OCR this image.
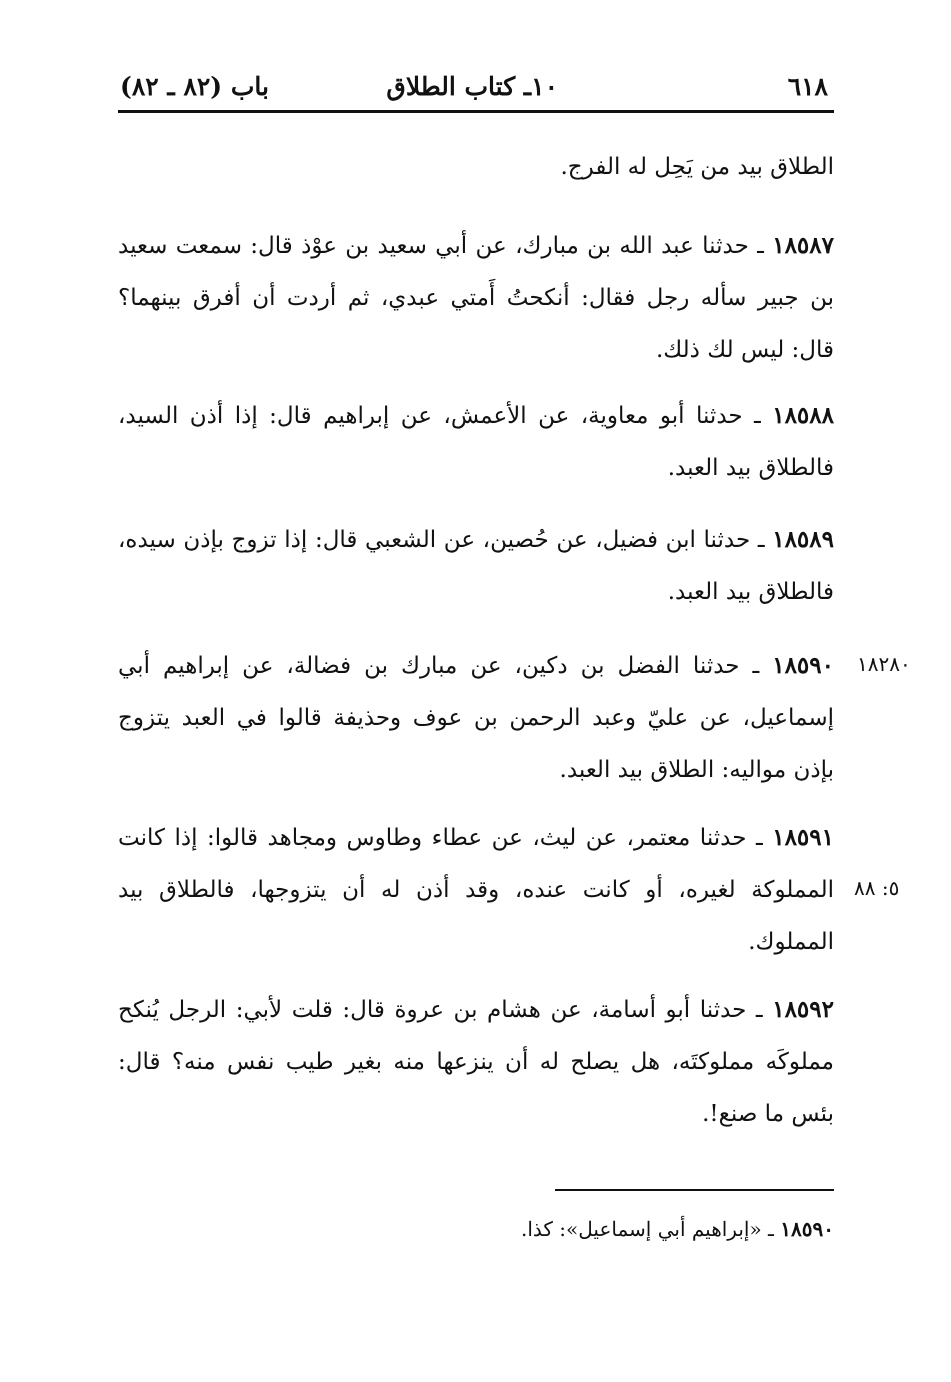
٦١٨
١٠ـ كتاب الطلاق
باب (٨٢ ـ ٨٢)
الطلاق بيد من يَحِل له الفرج.
١٨٥٨٧ ـ حدثنا عبد الله بن مبارك، عن أبي سعيد بن عوْذ قال: سمعت سعيد بن جبير سأله رجل فقال: أنكحتُ أَمتي عبدي، ثم أردت أن أفرق بينهما؟ قال: ليس لك ذلك.
١٨٥٨٨ ـ حدثنا أبو معاوية، عن الأعمش، عن إبراهيم قال: إذا أذن السيد، فالطلاق بيد العبد.
١٨٥٨٩ ـ حدثنا ابن فضيل، عن حُصين، عن الشعبي قال: إذا تزوج بإذن سيده، فالطلاق بيد العبد.
١٨٢٨٠
١٨٥٩٠ ـ حدثنا الفضل بن دكين، عن مبارك بن فضالة، عن إبراهيم أبي إسماعيل، عن عليّ وعبد الرحمن بن عوف وحذيفة قالوا في العبد يتزوج بإذن مواليه: الطلاق بيد العبد.
٥: ٨٨
١٨٥٩١ ـ حدثنا معتمر، عن ليث، عن عطاء وطاوس ومجاهد قالوا: إذا كانت المملوكة لغيره، أو كانت عنده، وقد أذن له أن يتزوجها، فالطلاق بيد المملوك.
١٨٥٩٢ ـ حدثنا أبو أسامة، عن هشام بن عروة قال: قلت لأبي: الرجل يُنكح مملوكَه مملوكتَه، هل يصلح له أن ينزعها منه بغير طيب نفس منه؟ قال: بئس ما صنع!.
١٨٥٩٠ ـ «إبراهيم أبي إسماعيل»: كذا.
